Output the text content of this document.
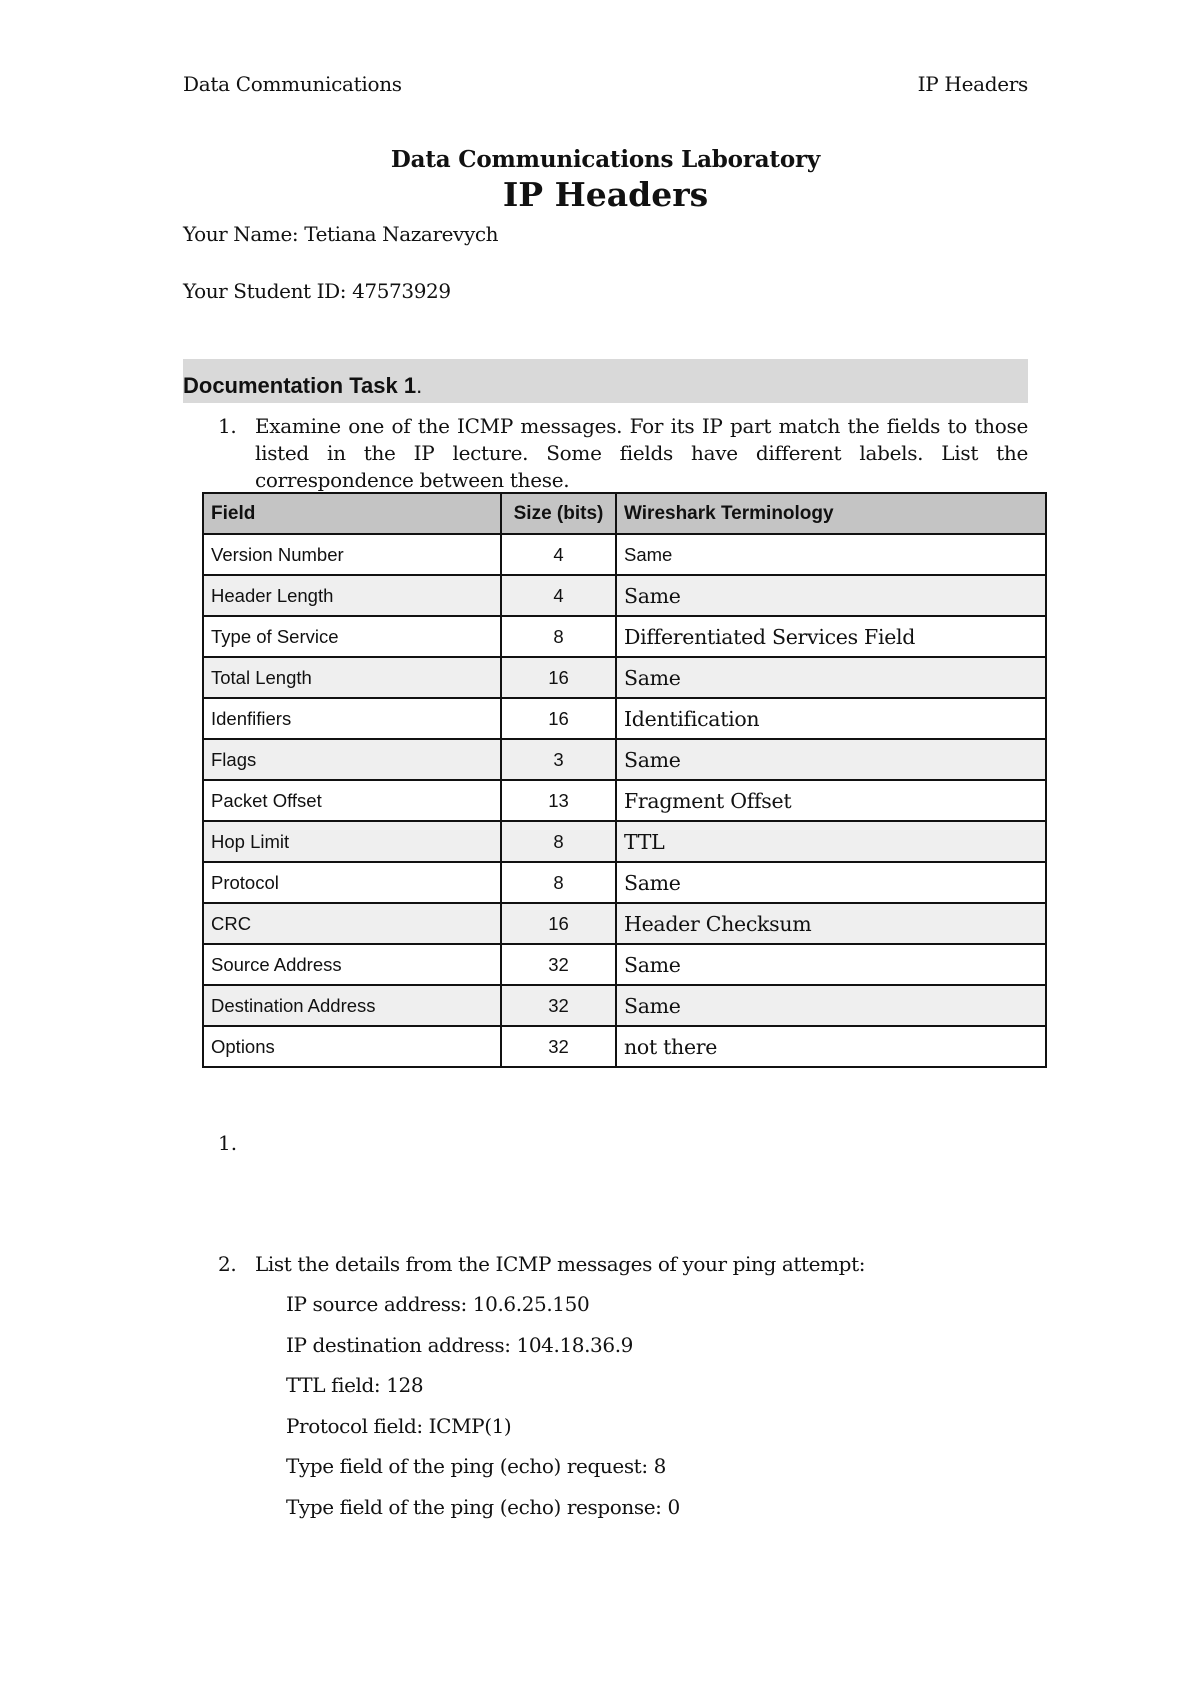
Data Communications	IP Headers
Data Communications Laboratory
IP Headers
Your Name: Tetiana Nazarevych
Your Student ID: 47573929
Documentation Task 1.
1. Examine one of the ICMP messages. For its IP part match the fields to those listed in the IP lecture. Some fields have different labels. List the correspondence between these.
Field	Size (bits)	Wireshark Terminology
Version Number	4	Same
Header Length	4	Same
Type of Service	8	Differentiated Services Field
Total Length	16	Same
Idenfifiers	16	Identification
Flags	3	Same
Packet Offset	13	Fragment Offset
Hop Limit	8	TTL
Protocol	8	Same
CRC	16	Header Checksum
Source Address	32	Same
Destination Address	32	Same
Options	32	not there
1.
2. List the details from the ICMP messages of your ping attempt:
IP source address: 10.6.25.150
IP destination address: 104.18.36.9
TTL field: 128
Protocol field: ICMP(1)
Type field of the ping (echo) request: 8
Type field of the ping (echo) response: 0
